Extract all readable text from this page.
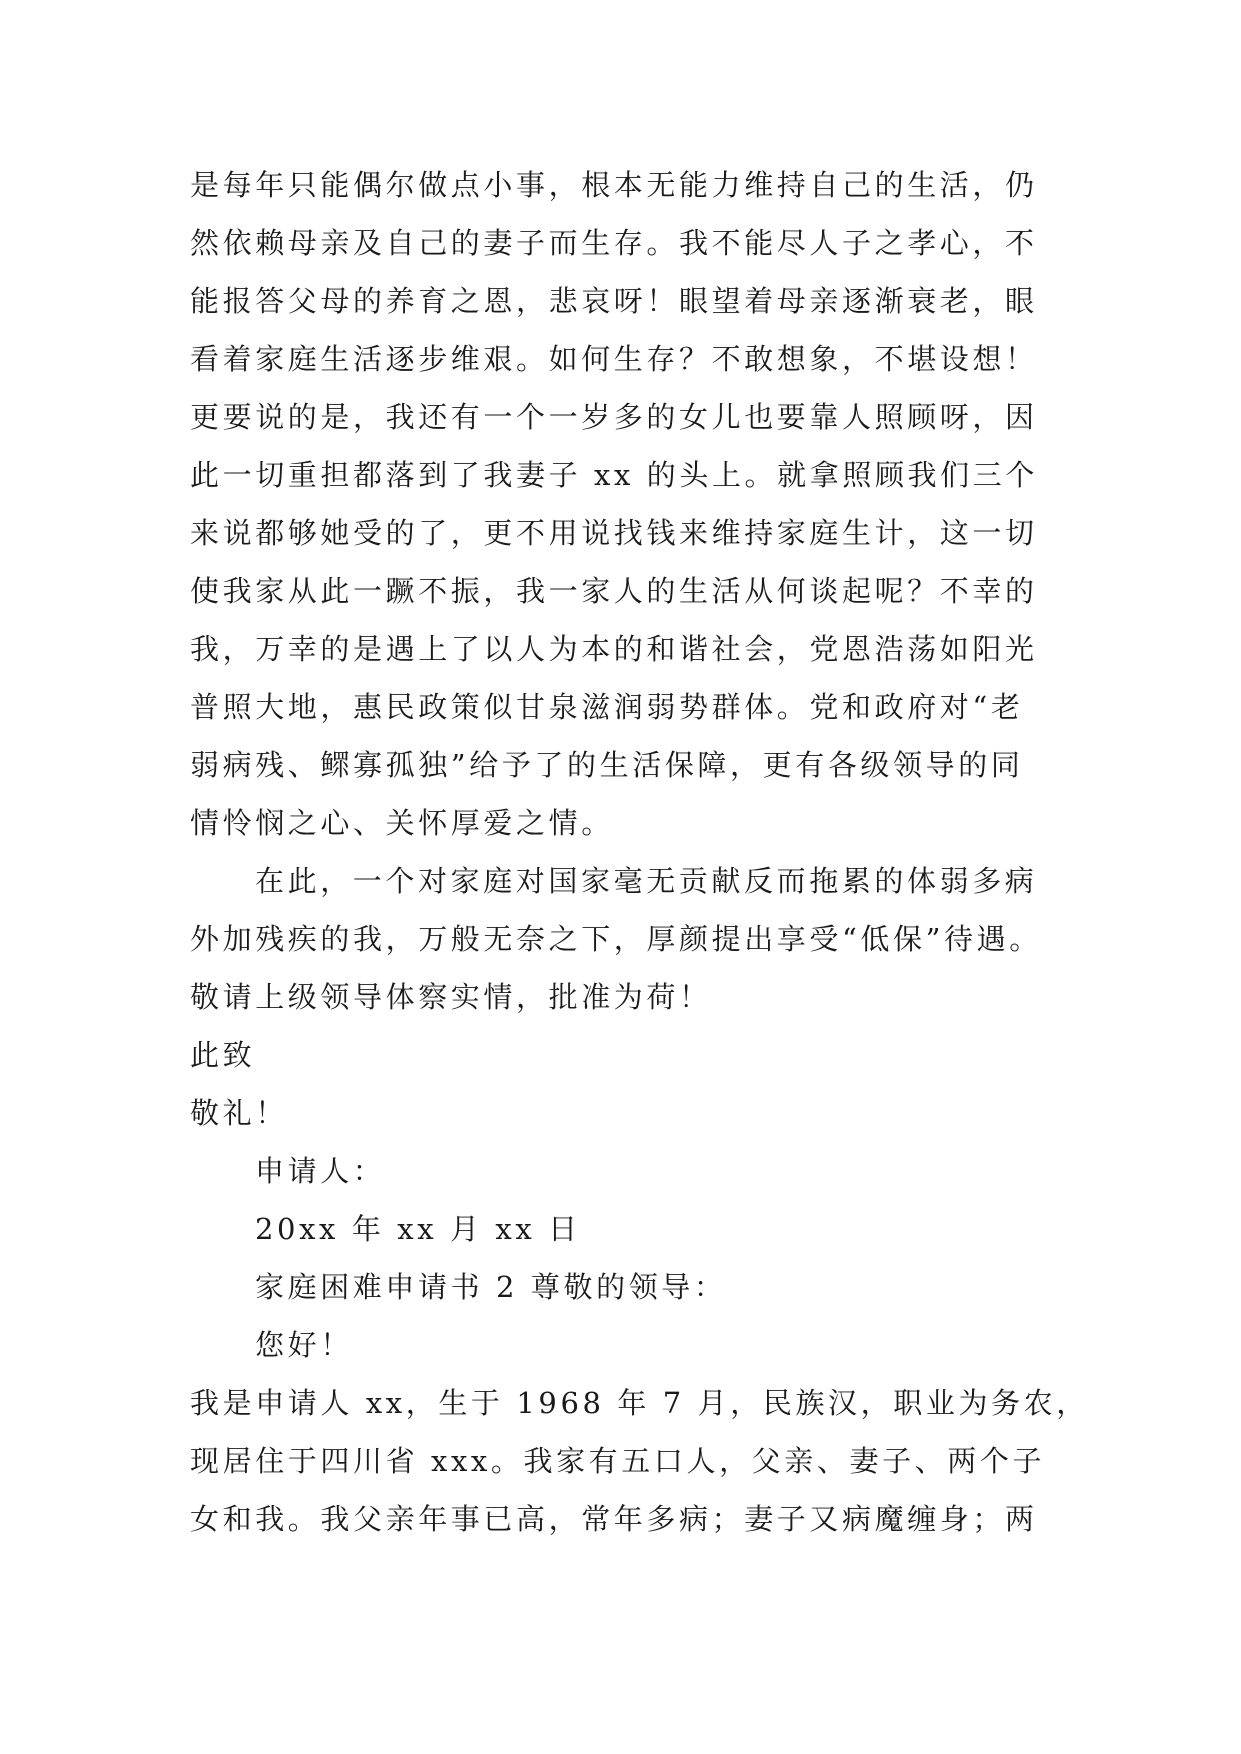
是每年只能偶尔做点小事，根本无能力维持自己的生活，仍
然依赖母亲及自己的妻子而生存。我不能尽人子之孝心，不
能报答父母的养育之恩，悲哀呀！眼望着母亲逐渐衰老，眼
看着家庭生活逐步维艰。如何生存？不敢想象，不堪设想！
更要说的是，我还有一个一岁多的女儿也要靠人照顾呀，因
此一切重担都落到了我妻子 xx 的头上。就拿照顾我们三个
来说都够她受的了，更不用说找钱来维持家庭生计，这一切
使我家从此一蹶不振，我一家人的生活从何谈起呢？不幸的
我，万幸的是遇上了以人为本的和谐社会，党恩浩荡如阳光
普照大地，惠民政策似甘泉滋润弱势群体。党和政府对“老
弱病残、鳏寡孤独”给予了的生活保障，更有各级领导的同
情怜悯之心、关怀厚爱之情。
在此，一个对家庭对国家毫无贡献反而拖累的体弱多病
外加残疾的我，万般无奈之下，厚颜提出享受“低保”待遇。
敬请上级领导体察实情，批准为荷！
此致
敬礼！
申请人：
20xx 年 xx 月 xx 日
家庭困难申请书 2 尊敬的领导：
您好！
我是申请人 xx，生于 1968 年 7 月，民族汉，职业为务农，
现居住于四川省 xxx。我家有五口人，父亲、妻子、两个子
女和我。我父亲年事已高，常年多病；妻子又病魔缠身；两
